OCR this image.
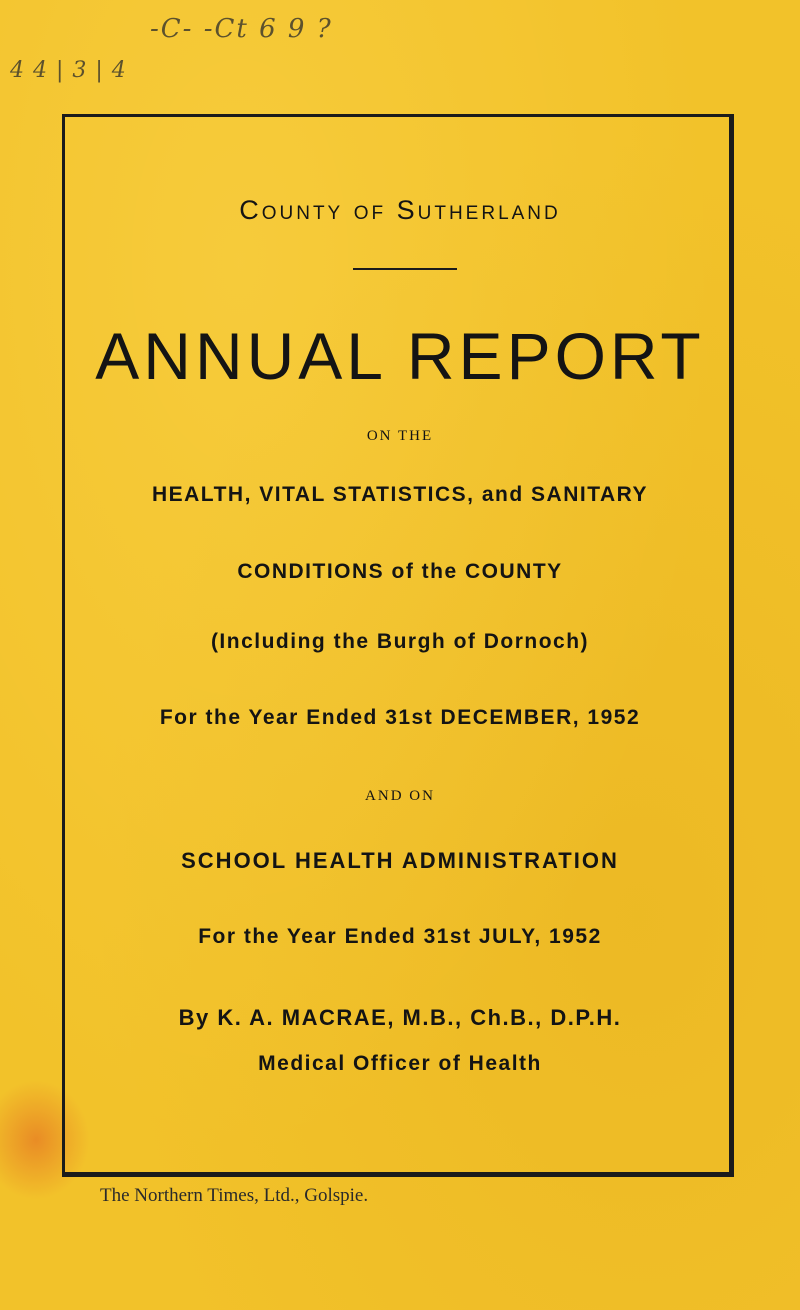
-C- -Ct 6 9 ?
4 4 | 3 | 4
County of Sutherland
ANNUAL REPORT
ON THE
HEALTH, VITAL STATISTICS, and SANITARY
CONDITIONS of the COUNTY
(Including the Burgh of Dornoch)
For the Year Ended 31st DECEMBER, 1952
AND ON
SCHOOL HEALTH ADMINISTRATION
For the Year Ended 31st JULY, 1952
By K. A. MACRAE, M.B., Ch.B., D.P.H.
Medical Officer of Health
The Northern Times, Ltd., Golspie.
